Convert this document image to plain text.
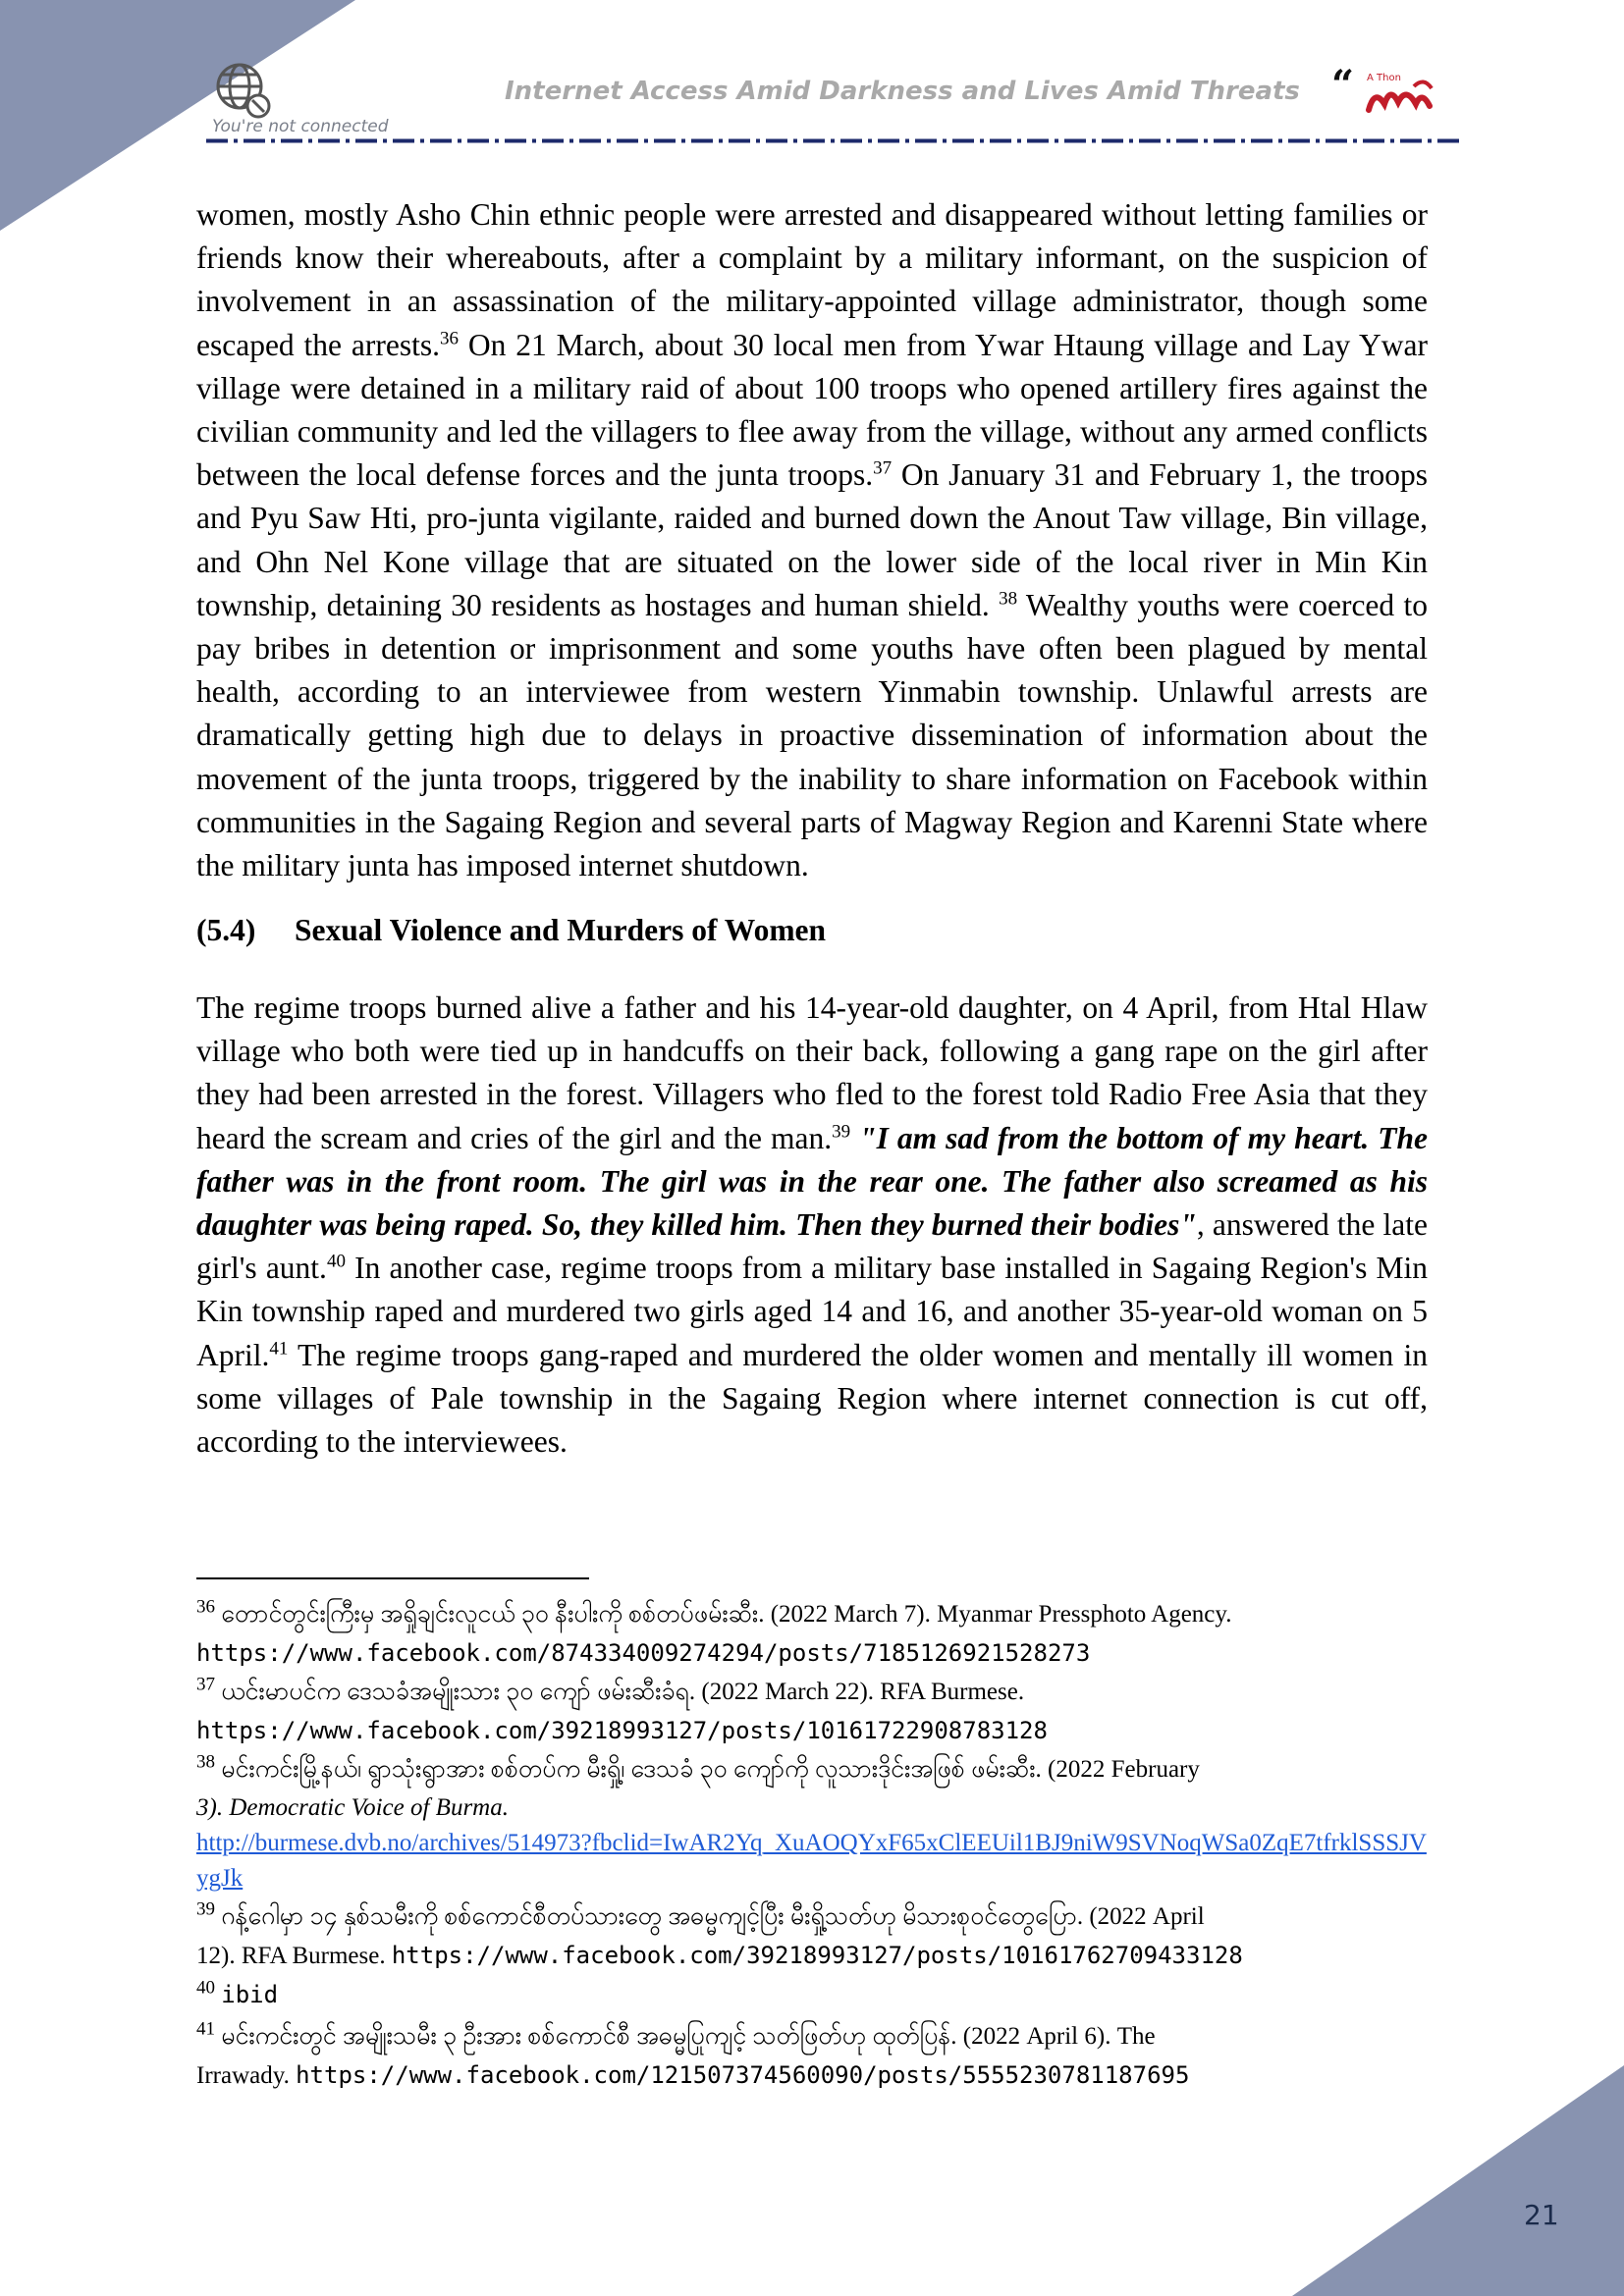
You're not connected
Internet Access Amid Darkness and Lives Amid Threats “ A Thon

women, mostly Asho Chin ethnic people were arrested and disappeared without letting families or friends know their whereabouts, after a complaint by a military informant, on the suspicion of involvement in an assassination of the military-appointed village administrator, though some escaped the arrests.$^{36}$ On 21 March, about 30 local men from Ywar Htaung village and Lay Ywar village were detained in a military raid of about 100 troops who opened artillery fires against the civilian community and led the villagers to flee away from the village, without any armed conflicts between the local defense forces and the junta troops.$^{37}$ On January 31 and February 1, the troops and Pyu Saw Hti, pro-junta vigilante, raided and burned down the Anout Taw village, Bin village, and Ohn Nel Kone village that are situated on the lower side of the local river in Min Kin township, detaining 30 residents as hostages and human shield. $^{38}$ Wealthy youths were coerced to pay bribes in detention or imprisonment and some youths have often been plagued by mental health, according to an interviewee from western Yinmabin township. Unlawful arrests are dramatically getting high due to delays in proactive dissemination of information about the movement of the junta troops, triggered by the inability to share information on Facebook within communities in the Sagaing Region and several parts of Magway Region and Karenni State where the military junta has imposed internet shutdown.

(5.4) Sexual Violence and Murders of Women

The regime troops burned alive a father and his 14-year-old daughter, on 4 April, from Htal Hlaw village who both were tied up in handcuffs on their back, following a gang rape on the girl after they had been arrested in the forest. Villagers who fled to the forest told Radio Free Asia that they heard the scream and cries of the girl and the man.$^{39}$ "I am sad from the bottom of my heart. The father was in the front room. The girl was in the rear one. The father also screamed as his daughter was being raped. So, they killed him. Then they burned their bodies", answered the late girl's aunt.$^{40}$ In another case, regime troops from a military base installed in Sagaing Region's Min Kin township raped and murdered two girls aged 14 and 16, and another 35-year-old woman on 5 April.$^{41}$ The regime troops gang-raped and murdered the older women and mentally ill women in some villages of Pale township in the Sagaing Region where internet connection is cut off, according to the interviewees.

$^{36}$ တောင်တွင်းကြီးမှ အရှိုချင်းလူငယ် ၃၀ နီးပါးကို စစ်တပ်ဖမ်းဆီး. (2022 March 7). Myanmar Pressphoto Agency.
https://www.facebook.com/874334009274294/posts/7185126921528273
$^{37}$ ယင်းမာပင်က ဒေသခံအမျိုးသား ၃၀ ကျော် ဖမ်းဆီးခံရ. (2022 March 22). RFA Burmese.
https://www.facebook.com/39218993127/posts/10161722908783128
$^{38}$ မင်းကင်းမြို့နယ်၊ ရွာသုံးရွာအား စစ်တပ်က မီးရှို့၊ ဒေသခံ ၃၀ ကျော်ကို လူသားဒိုင်းအဖြစ် ဖမ်းဆီး. (2022 February
3). Democratic Voice of Burma.
http://burmese.dvb.no/archives/514973?fbclid=IwAR2Yq_XuAOQYxF65xClEEUil1BJ9niW9SVNoqWSa0ZqE7tfrklSSSJVygJk
$^{39}$ ဂန့်ဂေါမှာ ၁၄ နှစ်သမီးကို စစ်ကောင်စီတပ်သားတွေ အဓမ္မကျင့်ပြီး မီးရှို့သတ်ဟု မိသားစုဝင်တွေပြော. (2022 April
12). RFA Burmese. https://www.facebook.com/39218993127/posts/10161762709433128
$^{40}$ ibid
$^{41}$ မင်းကင်းတွင် အမျိုးသမီး ၃ ဦးအား စစ်ကောင်စီ အဓမ္မပြုကျင့် သတ်ဖြတ်ဟု ထုတ်ပြန်. (2022 April 6). The
Irrawady. https://www.facebook.com/121507374560090/posts/5555230781187695
21
